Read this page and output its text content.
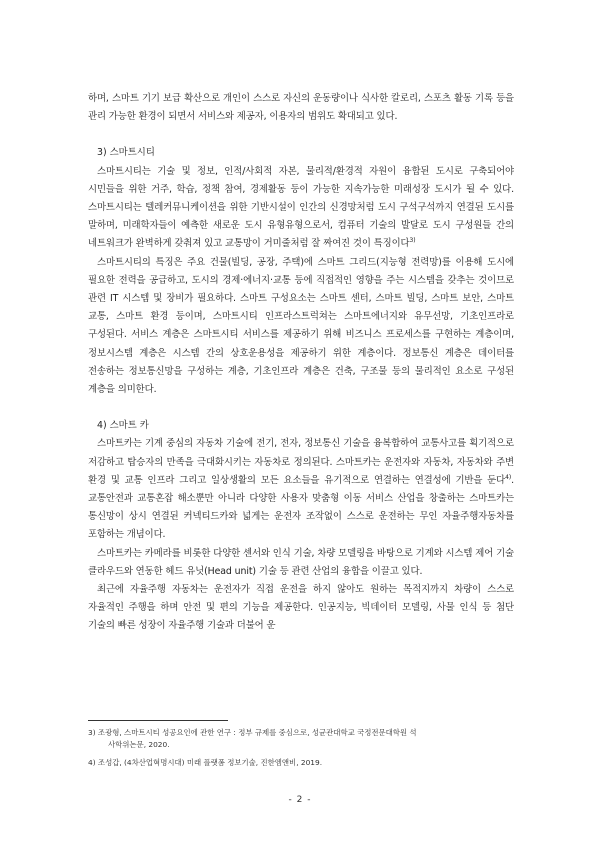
하며, 스마트 기기 보급 확산으로 개인이 스스로 자신의 운동량이나 식사한 칼로리, 스포츠 활동 기록 등을 관리 가능한 환경이 되면서 서비스와 제공자, 이용자의 범위도 확대되고 있다.

3) 스마트시티

스마트시티는 기술 및 정보, 인적/사회적 자본, 물리적/환경적 자원이 융합된 도시로 구축되어야 시민들을 위한 거주, 학습, 정책 참여, 경제활동 등이 가능한 지속가능한 미래성장 도시가 될 수 있다. 스마트시티는 텔레커뮤니케이션을 위한 기반시설이 인간의 신경망처럼 도시 구석구석까지 연결된 도시를 말하며, 미래학자들이 예측한 새로운 도시 유형유형으로서, 컴퓨터 기술의 발달로 도시 구성원들 간의 네트워크가 완벽하게 갖춰져 있고 교통망이 거미줄처럼 잘 짜여진 것이 특징이다$^{3)}$

스마트시티의 특징은 주요 건물(빌딩, 공장, 주택)에 스마트 그리드(지능형 전력망)를 이용해 도시에 필요한 전력을 공급하고, 도시의 경제·에너지·교통 등에 직접적인 영향을 주는 시스템을 갖추는 것이므로 관련 IT 시스템 및 장비가 필요하다. 스마트 구성요소는 스마트 센터, 스마트 빌딩, 스마트 보안, 스마트 교통, 스마트 환경 등이며, 스마트시티 인프라스트럭쳐는 스마트에너지와 유무선망, 기초인프라로 구성된다. 서비스 계층은 스마트시티 서비스를 제공하기 위해 비즈니스 프로세스를 구현하는 계층이며, 정보시스템 계층은 시스템 간의 상호운용성을 제공하기 위한 계층이다. 정보통신 계층은 데이터를 전송하는 정보통신망을 구성하는 계층, 기초인프라 계층은 건축, 구조물 등의 물리적인 요소로 구성된 계층을 의미한다.

4) 스마트 카

스마트카는 기계 중심의 자동차 기술에 전기, 전자, 정보통신 기술을 융복합하여 교통사고를 획기적으로 저감하고 탑승자의 만족을 극대화시키는 자동차로 정의된다. 스마트카는 운전자와 자동차, 자동차와 주변 환경 및 교통 인프라 그리고 일상생활의 모든 요소들을 유기적으로 연결하는 연결성에 기반을 둔다$^{4)}$. 교통안전과 교통혼잡 해소뿐만 아니라 다양한 사용자 맞춤형 이동 서비스 산업을 창출하는 스마트카는 통신망이 상시 연결된 커넥티드카와 넓게는 운전자 조작없이 스스로 운전하는 무인 자율주행자동차를 포함하는 개념이다.

스마트카는 카메라를 비롯한 다양한 센서와 인식 기술, 차량 모델링을 바탕으로 기계와 시스템 제어 기술 클라우드와 연동한 헤드 유닛(Head unit) 기술 등 관련 산업의 융합을 이끌고 있다.

최근에 자율주행 자동차는 운전자가 직접 운전을 하지 않아도 원하는 목적지까지 차량이 스스로 자율적인 주행을 하며 안전 및 편의 기능을 제공한다. 인공지능, 빅데이터 모델링, 사물 인식 등 첨단 기술의 빠른 성장이 자율주행 기술과 더불어 운

3) 조광형, 스마트시티 성공요인에 관한 연구 : 정부 규제를 중심으로, 성균관대학교 국정전문대학원 석
사학위논문, 2020.

4) 조성갑, (4차산업혁명시대) 미래 플랫폼 정보기술, 진한엠앤비, 2019.

- 2 -
